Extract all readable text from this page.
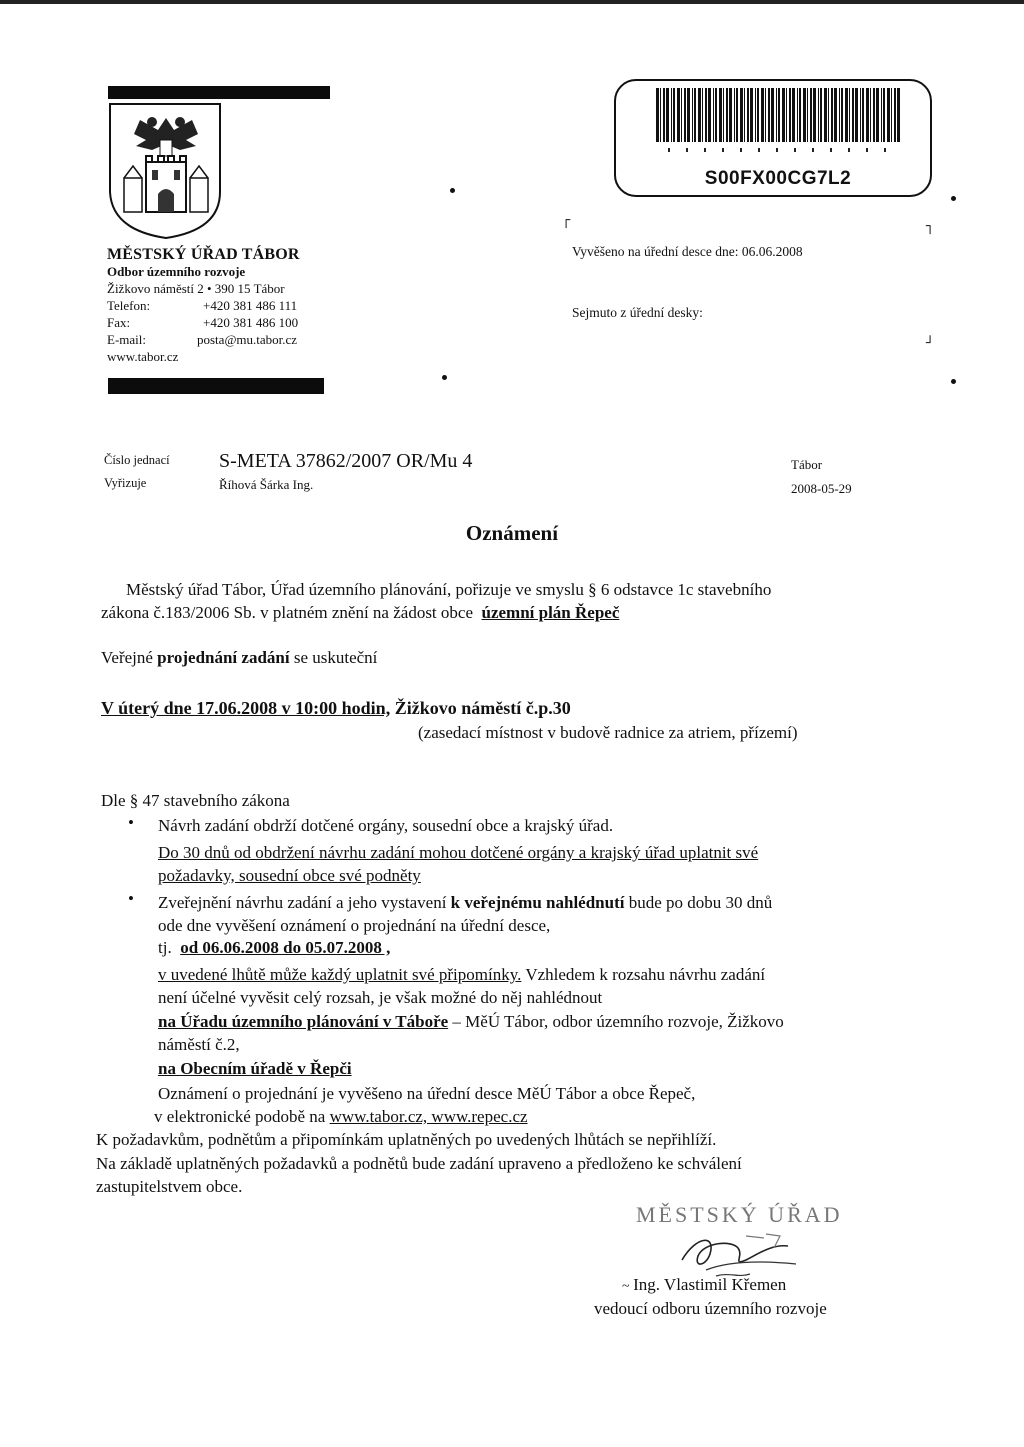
MĚSTSKÝ ÚŘAD TÁBOR
Odbor územního rozvoje
Žižkovo náměstí 2 • 390 15 Tábor
Telefon:	+420 381 486 111
Fax:	+420 381 486 100
E-mail:	posta@mu.tabor.cz
www.tabor.cz
S00FX00CG7L2
┌	┐
┘
Vyvěšeno na úřední desce dne: 06.06.2008
Sejmuto z úřední desky:
Číslo jednací S-META 37862/2007 OR/Mu 4
Vyřizuje	Říhová Šárka Ing.
Tábor
2008-05-29
Oznámení
Městský úřad Tábor, Úřad územního plánování, pořizuje ve smyslu § 6 odstavce 1c stavebního
zákona č.183/2006 Sb. v platném znění na žádost obce územní plán Řepeč
Veřejné projednání zadání se uskuteční
V úterý dne 17.06.2008 v 10:00 hodin, Žižkovo náměstí č.p.30
(zasedací místnost v budově radnice za atriem, přízemí)
Dle § 47 stavebního zákona
• Návrh zadání obdrží dotčené orgány, sousední obce a krajský úřad.
Do 30 dnů od obdržení návrhu zadání mohou dotčené orgány a krajský úřad uplatnit své
požadavky, sousední obce své podněty
• Zveřejnění návrhu zadání a jeho vystavení k veřejnému nahlédnutí bude po dobu 30 dnů
ode dne vyvěšení oznámení o projednání na úřední desce,
tj. od 06.06.2008 do 05.07.2008 ,
v uvedené lhůtě může každý uplatnit své připomínky. Vzhledem k rozsahu návrhu zadání
není účelné vyvěsit celý rozsah, je však možné do něj nahlédnout
na Úřadu územního plánování v Táboře – MěÚ Tábor, odbor územního rozvoje, Žižkovo
náměstí č.2,
na Obecním úřadě v Řepči
Oznámení o projednání je vyvěšeno na úřední desce MěÚ Tábor a obce Řepeč,
v elektronické podobě na www.tabor.cz, www.repec.cz
K požadavkům, podnětům a připomínkám uplatněných po uvedených lhůtách se nepřihlíží.
Na základě uplatněných požadavků a podnětů bude zadání upraveno a předloženo ke schválení
zastupitelstvem obce.
MĚSTSKÝ ÚŘAD
~ Ing. Vlastimil Křemen
vedoucí odboru územního rozvoje
